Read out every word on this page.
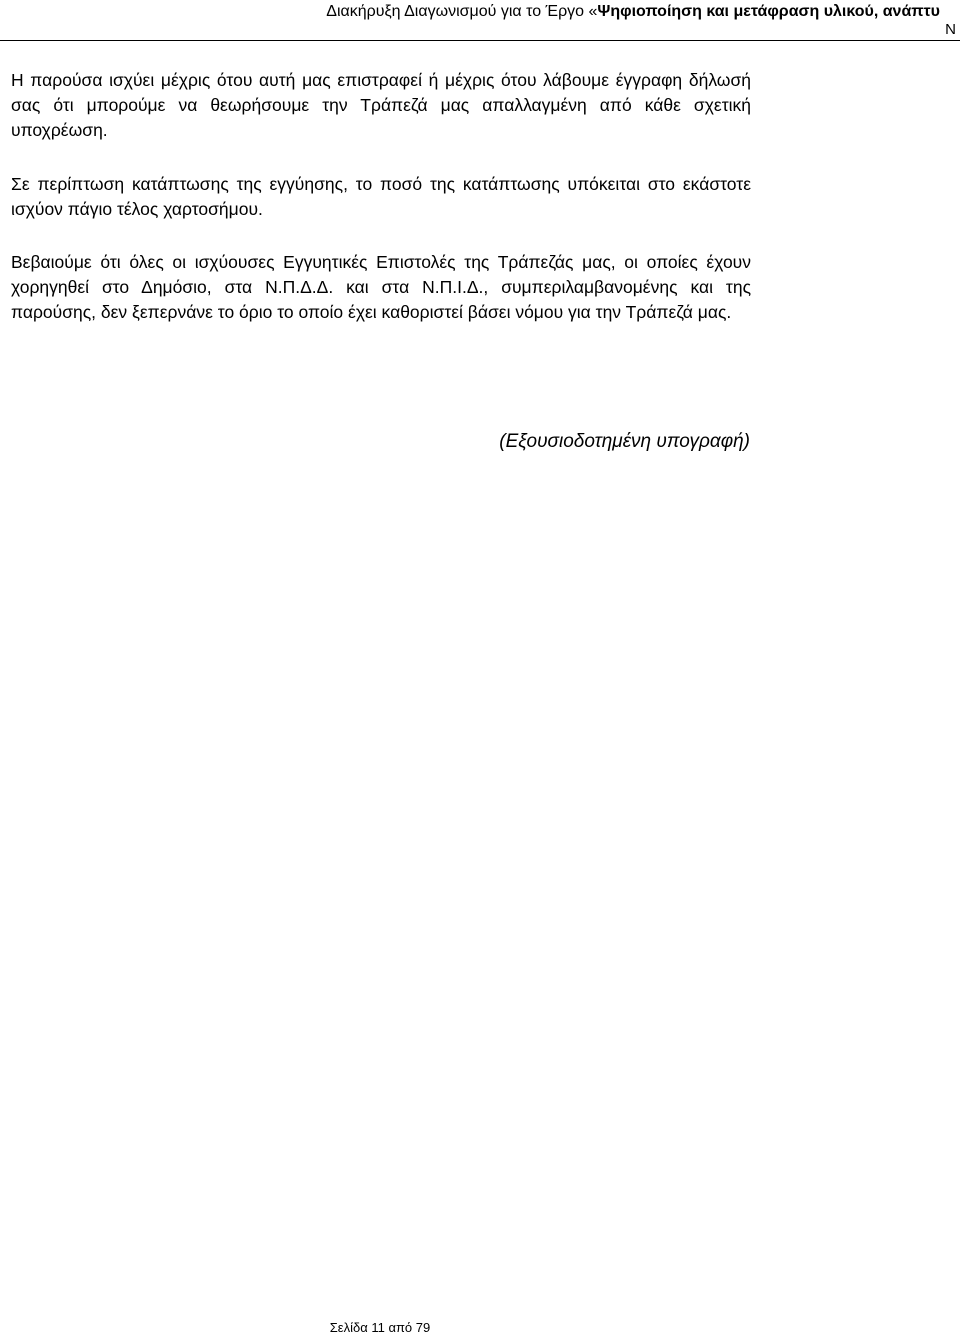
Διακήρυξη Διαγωνισμού για το Έργο «Ψηφιοποίηση και μετάφραση υλικού, ανάπτυ
Ν

Η παρούσα ισχύει μέχρις ότου αυτή μας επιστραφεί ή μέχρις ότου λάβουμε έγγραφη δήλωσή σας ότι μπορούμε να θεωρήσουμε την Τράπεζά μας απαλλαγμένη από κάθε σχετική υποχρέωση.

Σε περίπτωση κατάπτωσης της εγγύησης, το ποσό της κατάπτωσης υπόκειται στο εκάστοτε ισχύον πάγιο τέλος χαρτοσήμου.

Βεβαιούμε ότι όλες οι ισχύουσες Εγγυητικές Επιστολές της Τράπεζάς μας, οι οποίες έχουν χορηγηθεί στο Δημόσιο, στα Ν.Π.Δ.Δ. και στα Ν.Π.Ι.Δ., συμπεριλαμβανομένης και της παρούσης, δεν ξεπερνάνε το όριο το οποίο έχει καθοριστεί βάσει νόμου για την Τράπεζά μας.

(Εξουσιοδοτημένη υπογραφή)
Σελίδα 11 από 79
